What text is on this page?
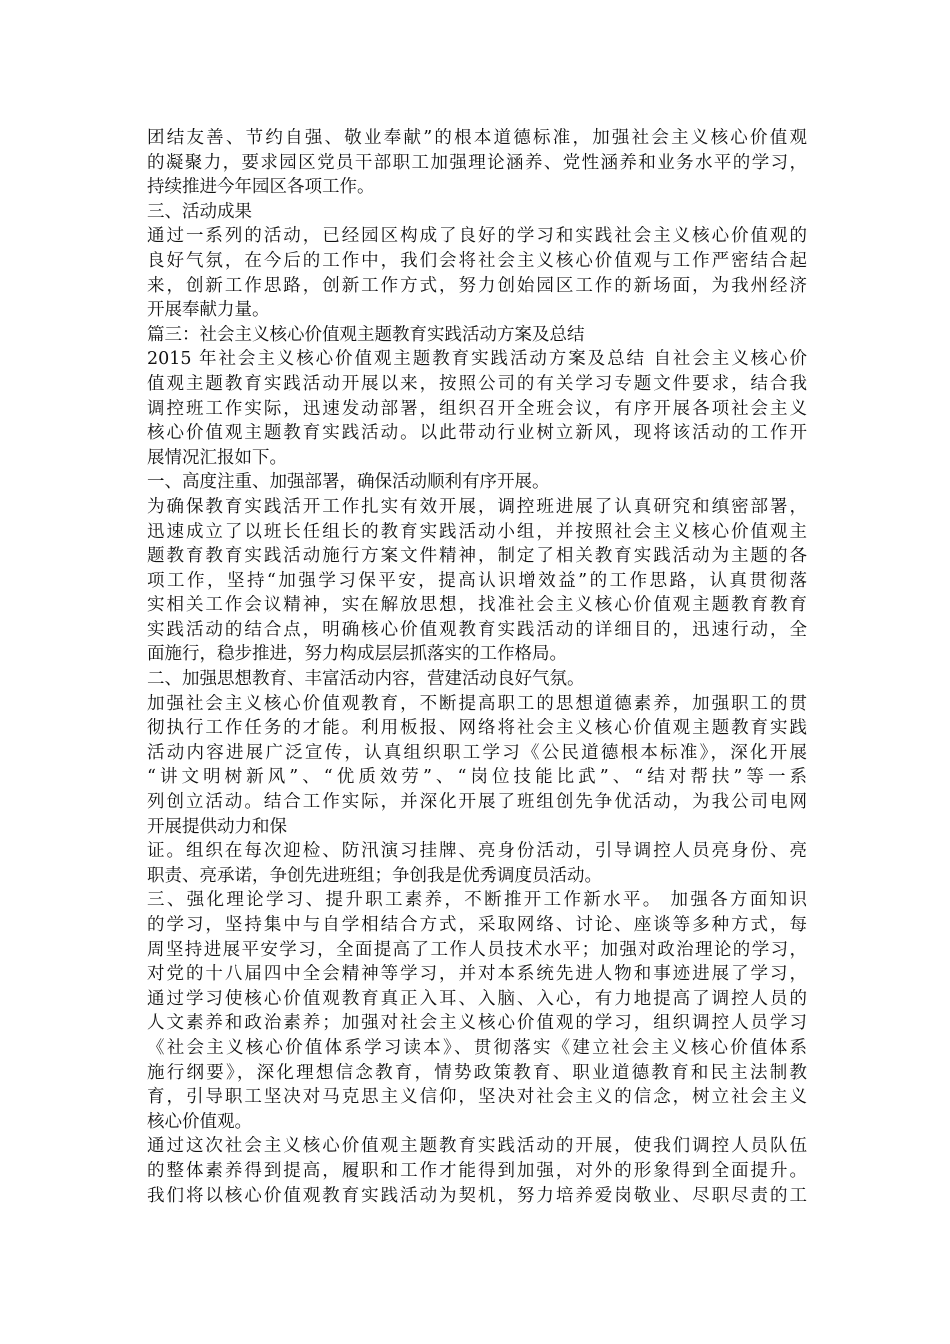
团结友善、节约自强、敬业奉献”的根本道德标准，加强社会主义核心价值观
的凝聚力，要求园区党员干部职工加强理论涵养、党性涵养和业务水平的学习，
持续推进今年园区各项工作。
三、活动成果
通过一系列的活动，已经园区构成了良好的学习和实践社会主义核心价值观的
良好气氛，在今后的工作中，我们会将社会主义核心价值观与工作严密结合起
来，创新工作思路，创新工作方式，努力创始园区工作的新场面，为我州经济
开展奉献力量。
篇三：社会主义核心价值观主题教育实践活动方案及总结
2015 年社会主义核心价值观主题教育实践活动方案及总结 自社会主义核心价
值观主题教育实践活动开展以来，按照公司的有关学习专题文件要求，结合我
调控班工作实际，迅速发动部署，组织召开全班会议，有序开展各项社会主义
核心价值观主题教育实践活动。以此带动行业树立新风，现将该活动的工作开
展情况汇报如下。
一、高度注重、加强部署，确保活动顺利有序开展。
为确保教育实践活开工作扎实有效开展，调控班进展了认真研究和缜密部署，
迅速成立了以班长任组长的教育实践活动小组，并按照社会主义核心价值观主
题教育教育实践活动施行方案文件精神，制定了相关教育实践活动为主题的各
项工作，坚持“加强学习保平安，提高认识增效益”的工作思路，认真贯彻落
实相关工作会议精神，实在解放思想，找准社会主义核心价值观主题教育教育
实践活动的结合点，明确核心价值观教育实践活动的详细目的，迅速行动，全
面施行，稳步推进，努力构成层层抓落实的工作格局。
二、加强思想教育、丰富活动内容，营建活动良好气氛。
加强社会主义核心价值观教育，不断提高职工的思想道德素养，加强职工的贯
彻执行工作任务的才能。利用板报、网络将社会主义核心价值观主题教育实践
活动内容进展广泛宣传，认真组织职工学习《公民道德根本标准》，深化开展
“讲文明树新风”、“优质效劳”、“岗位技能比武”、“结对帮扶”等一系
列创立活动。结合工作实际，并深化开展了班组创先争优活动，为我公司电网
开展提供动力和保
证。组织在每次迎检、防汛演习挂牌、亮身份活动，引导调控人员亮身份、亮
职责、亮承诺，争创先进班组；争创我是优秀调度员活动。
三、强化理论学习、提升职工素养，不断推开工作新水平。 加强各方面知识
的学习，坚持集中与自学相结合方式，采取网络、讨论、座谈等多种方式，每
周坚持进展平安学习，全面提高了工作人员技术水平；加强对政治理论的学习，
对党的十八届四中全会精神等学习，并对本系统先进人物和事迹进展了学习，
通过学习使核心价值观教育真正入耳、入脑、入心，有力地提高了调控人员的
人文素养和政治素养；加强对社会主义核心价值观的学习，组织调控人员学习
《社会主义核心价值体系学习读本》、贯彻落实《建立社会主义核心价值体系
施行纲要》，深化理想信念教育，情势政策教育、职业道德教育和民主法制教
育，引导职工坚决对马克思主义信仰，坚决对社会主义的信念，树立社会主义
核心价值观。
通过这次社会主义核心价值观主题教育实践活动的开展，使我们调控人员队伍
的整体素养得到提高，履职和工作才能得到加强，对外的形象得到全面提升。
我们将以核心价值观教育实践活动为契机，努力培养爱岗敬业、尽职尽责的工
